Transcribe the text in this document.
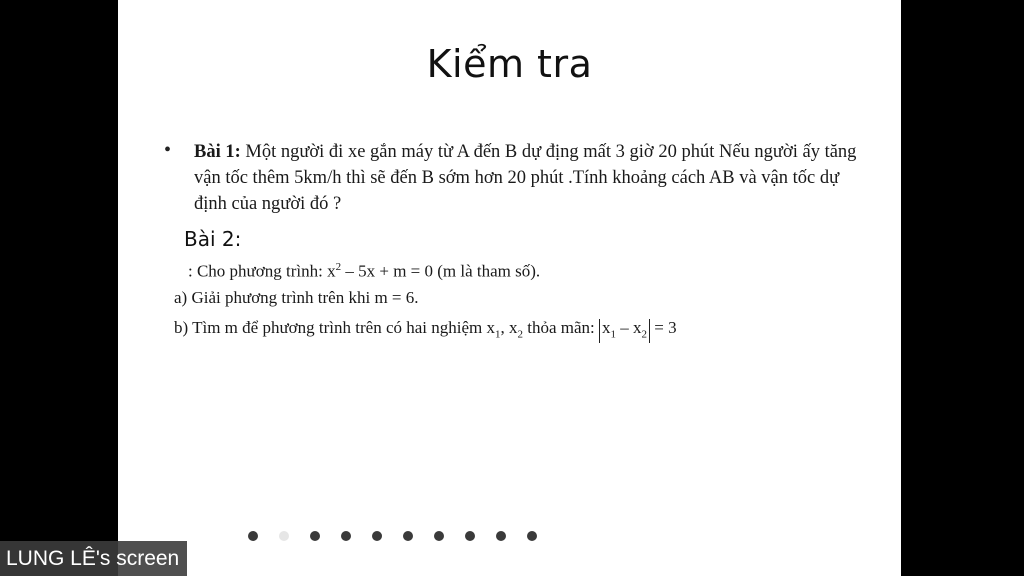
Kiểm tra
• Bài 1: Một người đi xe gắn máy từ A đến B dự địng mất 3 giờ 20 phút Nếu người ấy tăng vận tốc thêm 5km/h thì sẽ đến B sớm hơn 20 phút .Tính khoảng cách AB và vận tốc dự định của người đó ?
Bài 2:
: Cho phương trình: $x^2 - 5x + m = 0$ (m là tham số).
a) Giải phương trình trên khi m = 6.
b) Tìm m để phương trình trên có hai nghiệm $x_1$, $x_2$ thỏa mãn: $x_1 - x_2 = 3$
LUNG LÊ's screen
